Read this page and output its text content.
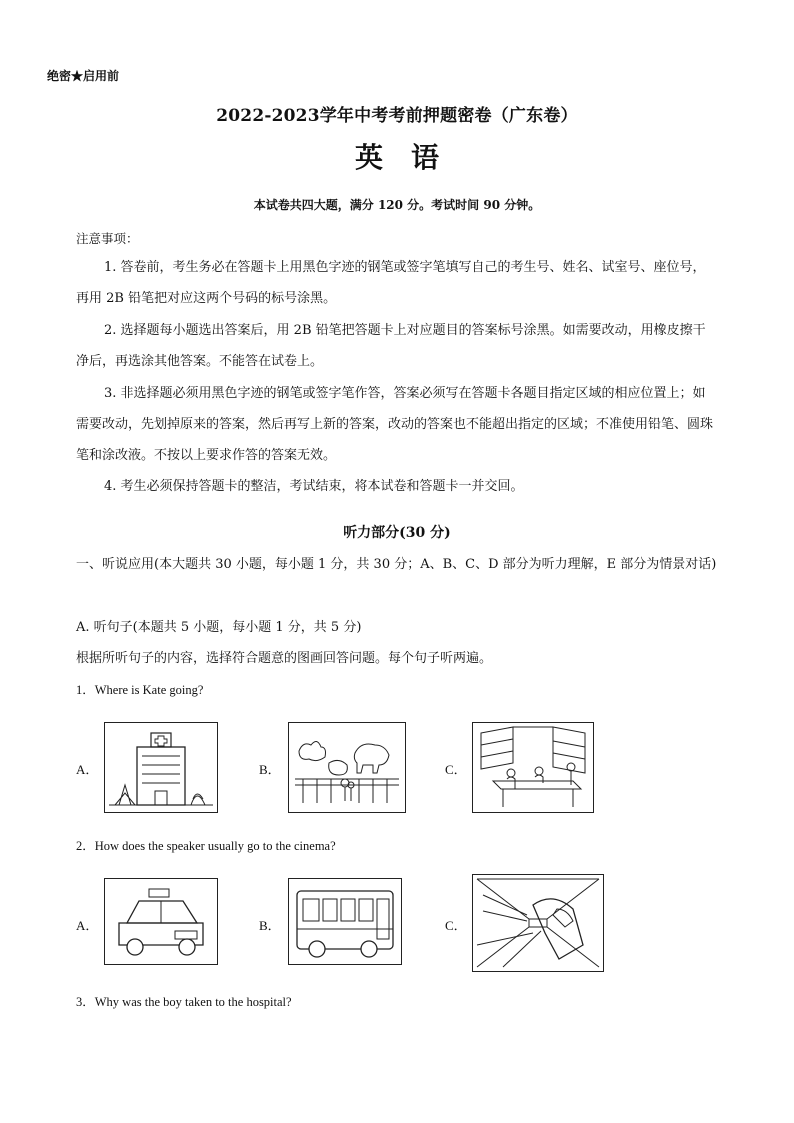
绝密★启用前
2022-2023学年中考考前押题密卷（广东卷）
英语
本试卷共四大题，满分 120 分。考试时间 90 分钟。
注意事项：
1. 答卷前，考生务必在答题卡上用黑色字迹的钢笔或签字笔填写自己的考生号、姓名、试室号、座位号，再用 2B 铅笔把对应这两个号码的标号涂黑。
2. 选择题每小题选出答案后，用 2B 铅笔把答题卡上对应题目的答案标号涂黑。如需要改动，用橡皮擦干净后，再选涂其他答案。不能答在试卷上。
3. 非选择题必须用黑色字迹的钢笔或签字笔作答，答案必须写在答题卡各题目指定区域的相应位置上；如需要改动，先划掉原来的答案，然后再写上新的答案，改动的答案也不能超出指定的区域；不准使用铅笔、圆珠笔和涂改液。不按以上要求作答的答案无效。
4. 考生必须保持答题卡的整洁，考试结束，将本试卷和答题卡一并交回。
听力部分(30 分)
一、听说应用(本大题共 30 小题，每小题 1 分，共 30 分；A、B、C、D 部分为听力理解，E 部分为情景对话)
A. 听句子(本题共 5 小题，每小题 1 分，共 5 分)
根据所听句子的内容，选择符合题意的图画回答问题。每个句子听两遍。
1．Where is Kate going?
A．	B．	C．
2．How does the speaker usually go to the cinema?
A．	B．	C．
3．Why was the boy taken to the hospital?
